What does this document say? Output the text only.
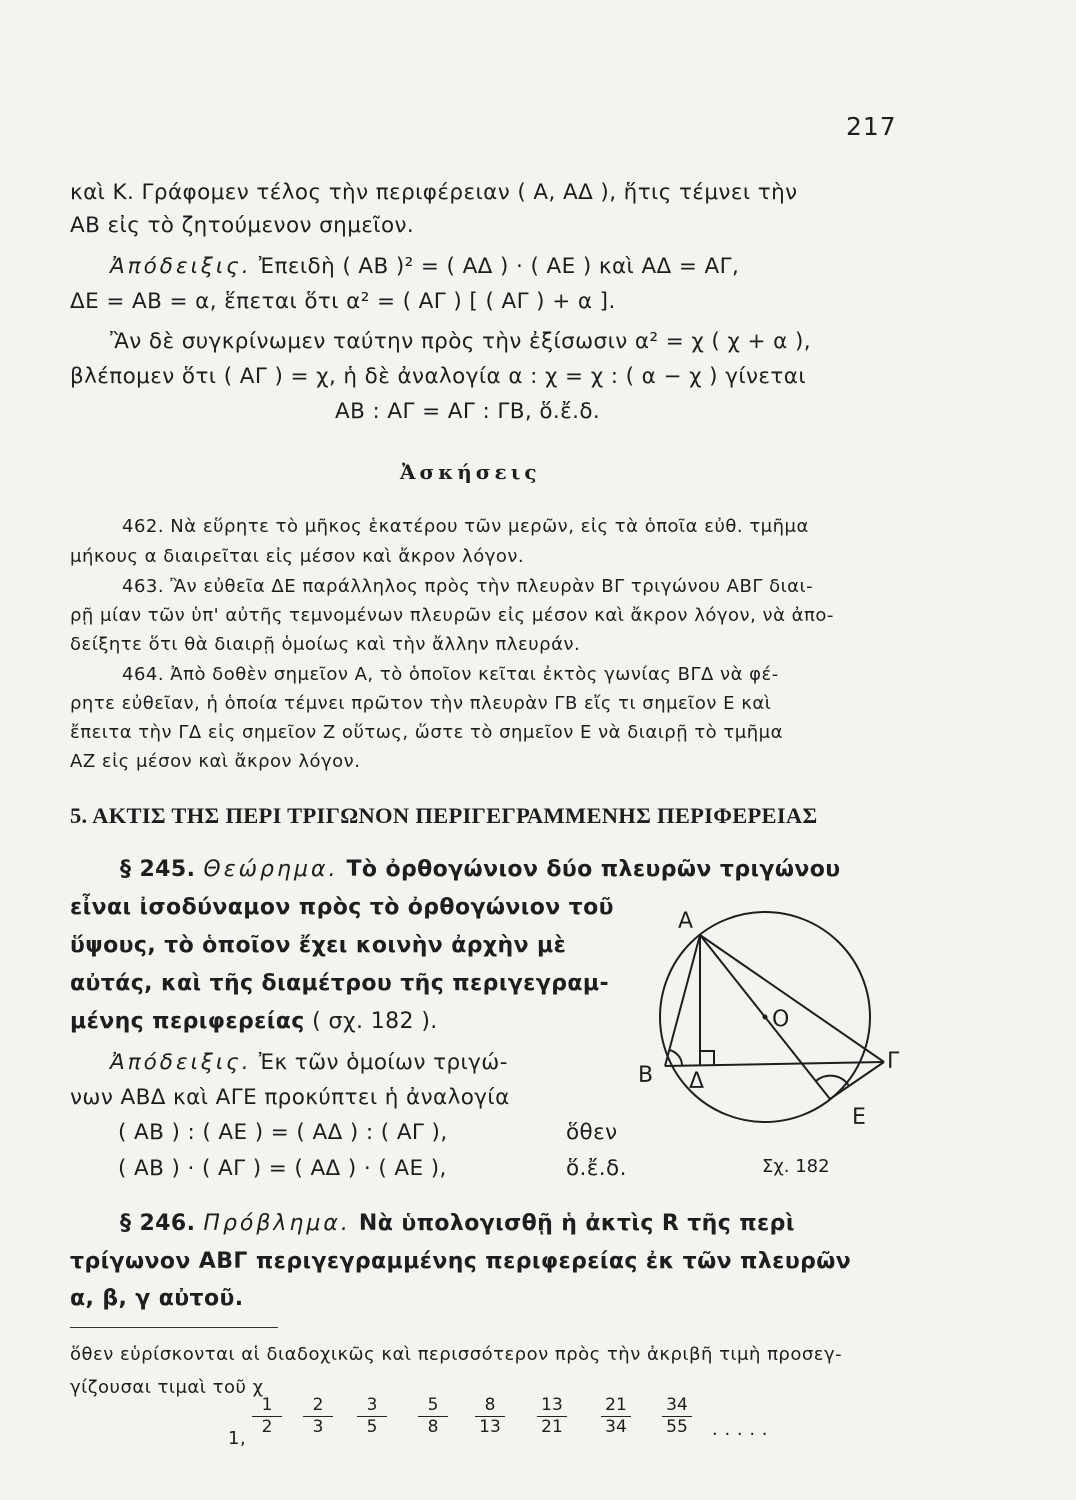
217
καὶ Κ. Γράφομεν τέλος τὴν περιφέρειαν ( Α, ΑΔ ), ἥτις τέμνει τὴν
ΑΒ εἰς τὸ ζητούμενον σημεῖον.
Ἀπόδειξις. Ἐπειδὴ ( ΑΒ )² = ( ΑΔ ) · ( ΑΕ ) καὶ ΑΔ = ΑΓ,
ΔΕ = ΑΒ = α, ἕπεται ὅτι α² = ( ΑΓ ) [ ( ΑΓ ) + α ].
Ἂν δὲ συγκρίνωμεν ταύτην πρὸς τὴν ἐξίσωσιν α² = χ ( χ + α ),
βλέπομεν ὅτι ( ΑΓ ) = χ, ἡ δὲ ἀναλογία α : χ = χ : ( α − χ ) γίνεται
ΑΒ : ΑΓ = ΑΓ : ΓΒ, ὅ.ἔ.δ.
Ἀσκήσεις
462. Νὰ εὕρητε τὸ μῆκος ἑκατέρου τῶν μερῶν, εἰς τὰ ὁποῖα εὐθ. τμῆμα
μήκους α διαιρεῖται εἰς μέσον καὶ ἄκρον λόγον.
463. Ἂν εὐθεῖα ΔΕ παράλληλος πρὸς τὴν πλευρὰν ΒΓ τριγώνου ΑΒΓ διαι-
ρῇ μίαν τῶν ὑπ' αὐτῆς τεμνομένων πλευρῶν εἰς μέσον καὶ ἄκρον λόγον, νὰ ἀπο-
δείξητε ὅτι θὰ διαιρῇ ὁμοίως καὶ τὴν ἄλλην πλευράν.
464. Ἀπὸ δοθὲν σημεῖον Α, τὸ ὁποῖον κεῖται ἐκτὸς γωνίας ΒΓΔ νὰ φέ-
ρητε εὐθεῖαν, ἡ ὁποία τέμνει πρῶτον τὴν πλευρὰν ΓΒ εἴς τι σημεῖον Ε καὶ
ἔπειτα τὴν ΓΔ εἰς σημεῖον Ζ οὕτως, ὥστε τὸ σημεῖον Ε νὰ διαιρῇ τὸ τμῆμα
ΑΖ εἰς μέσον καὶ ἄκρον λόγον.
5. ΑΚΤΙΣ ΤΗΣ ΠΕΡΙ ΤΡΙΓΩΝΟΝ ΠΕΡΙΓΕΓΡΑΜΜΕΝΗΣ ΠΕΡΙΦΕΡΕΙΑΣ
§ 245. Θεώρημα. Τὸ ὀρθογώνιον δύο πλευρῶν τριγώνου
εἶναι ἰσοδύναμον πρὸς τὸ ὀρθογώνιον τοῦ
ὕψους, τὸ ὁποῖον ἔχει κοινὴν ἀρχὴν μὲ
αὐτάς, καὶ τῆς διαμέτρου τῆς περιγεγραμ-
μένης περιφερείας ( σχ. 182 ).
Ἀπόδειξις. Ἐκ τῶν ὁμοίων τριγώ-
νων ΑΒΔ καὶ ΑΓΕ προκύπτει ἡ ἀναλογία
( ΑΒ ) : ( ΑΕ ) = ( ΑΔ ) : ( ΑΓ ),	ὅθεν
( ΑΒ ) · ( ΑΓ ) = ( ΑΔ ) · ( ΑΕ ),	ὅ.ἔ.δ.
Α
Β Δ
Γ
Ε
Ο
Σχ. 182
§ 246. Πρόβλημα. Νὰ ὑπολογισθῇ ἡ ἀκτὶς R τῆς περὶ
τρίγωνον ΑΒΓ περιγεγραμμένης περιφερείας ἐκ τῶν πλευρῶν
α, β, γ αὐτοῦ.
ὅθεν εὑρίσκονται αἱ διαδοχικῶς καὶ περισσότερον πρὸς τὴν ἀκριβῆ τιμὴ προσεγ-
γίζουσαι τιμαὶ τοῦ χ
1,
1
2
2
3
3
5
5
8
8
13
13
21
21
34
34
55 · · · · ·
